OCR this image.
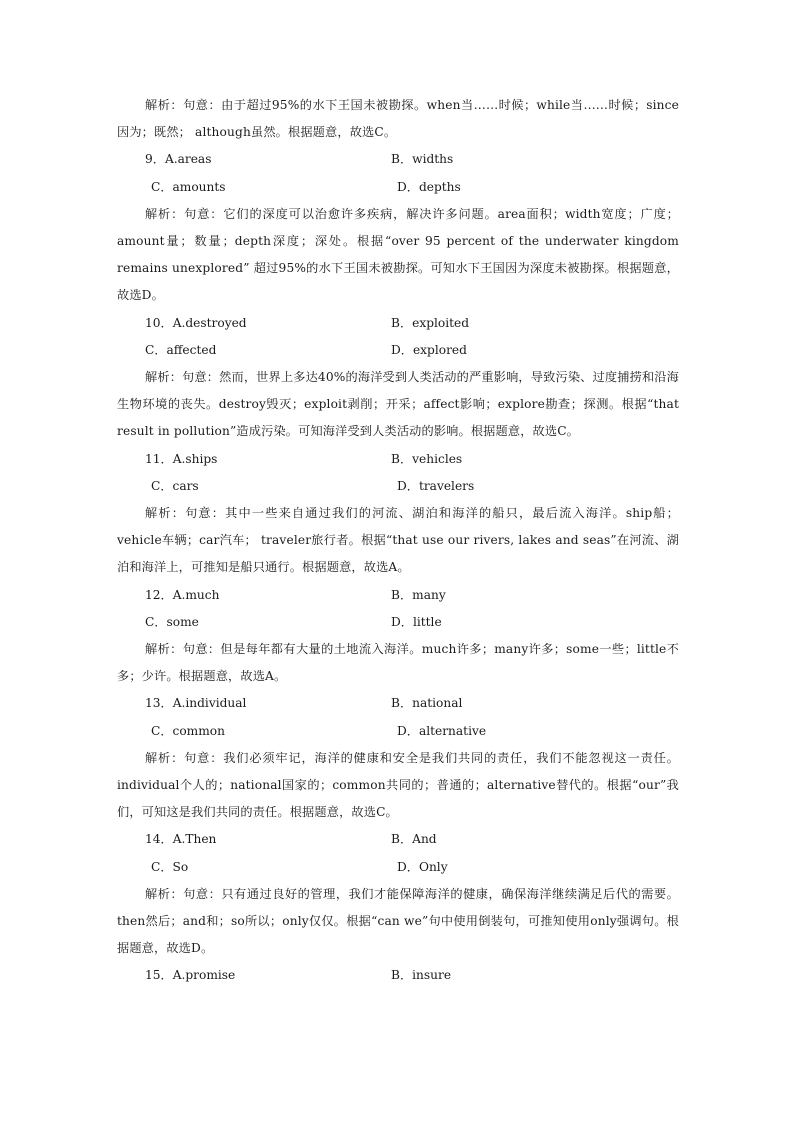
解析：句意：由于超过95%的水下王国未被勘探。when当……时候；while当……时候；since因为；既然； although虽然。根据题意，故选C。

9．A.areas	B．widths
C．amounts	D．depths

解析：句意：它们的深度可以治愈许多疾病，解决许多问题。area面积；width宽度；广度；amount量；数量；depth深度；深处。根据“over 95 percent of the underwater kingdom remains unexplored” 超过95%的水下王国未被勘探。可知水下王国因为深度未被勘探。根据题意，故选D。

10．A.destroyed	B．exploited
C．affected	D．explored

解析：句意：然而，世界上多达40%的海洋受到人类活动的严重影响，导致污染、过度捕捞和沿海生物环境的丧失。destroy毁灭；exploit剥削；开采；affect影响；explore勘查；探测。根据“that result in pollution”造成污染。可知海洋受到人类活动的影响。根据题意，故选C。

11．A.ships	B．vehicles
C．cars	D．travelers

解析：句意：其中一些来自通过我们的河流、湖泊和海洋的船只，最后流入海洋。ship船；vehicle车辆；car汽车； traveler旅行者。根据“that use our rivers, lakes and seas”在河流、湖泊和海洋上，可推知是船只通行。根据题意，故选A。

12．A.much	B．many
C．some	D．little

解析：句意：但是每年都有大量的土地流入海洋。much许多；many许多；some一些；little不多；少许。根据题意，故选A。

13．A.individual	B．national
C．common	D．alternative

解析：句意：我们必须牢记，海洋的健康和安全是我们共同的责任，我们不能忽视这一责任。individual个人的；national国家的；common共同的；普通的；alternative替代的。根据“our”我们，可知这是我们共同的责任。根据题意，故选C。

14．A.Then	B．And
C．So	D．Only

解析：句意：只有通过良好的管理，我们才能保障海洋的健康，确保海洋继续满足后代的需要。then然后；and和；so所以；only仅仅。根据“can we”句中使用倒装句，可推知使用only强调句。根据题意，故选D。

15．A.promise	B．insure
